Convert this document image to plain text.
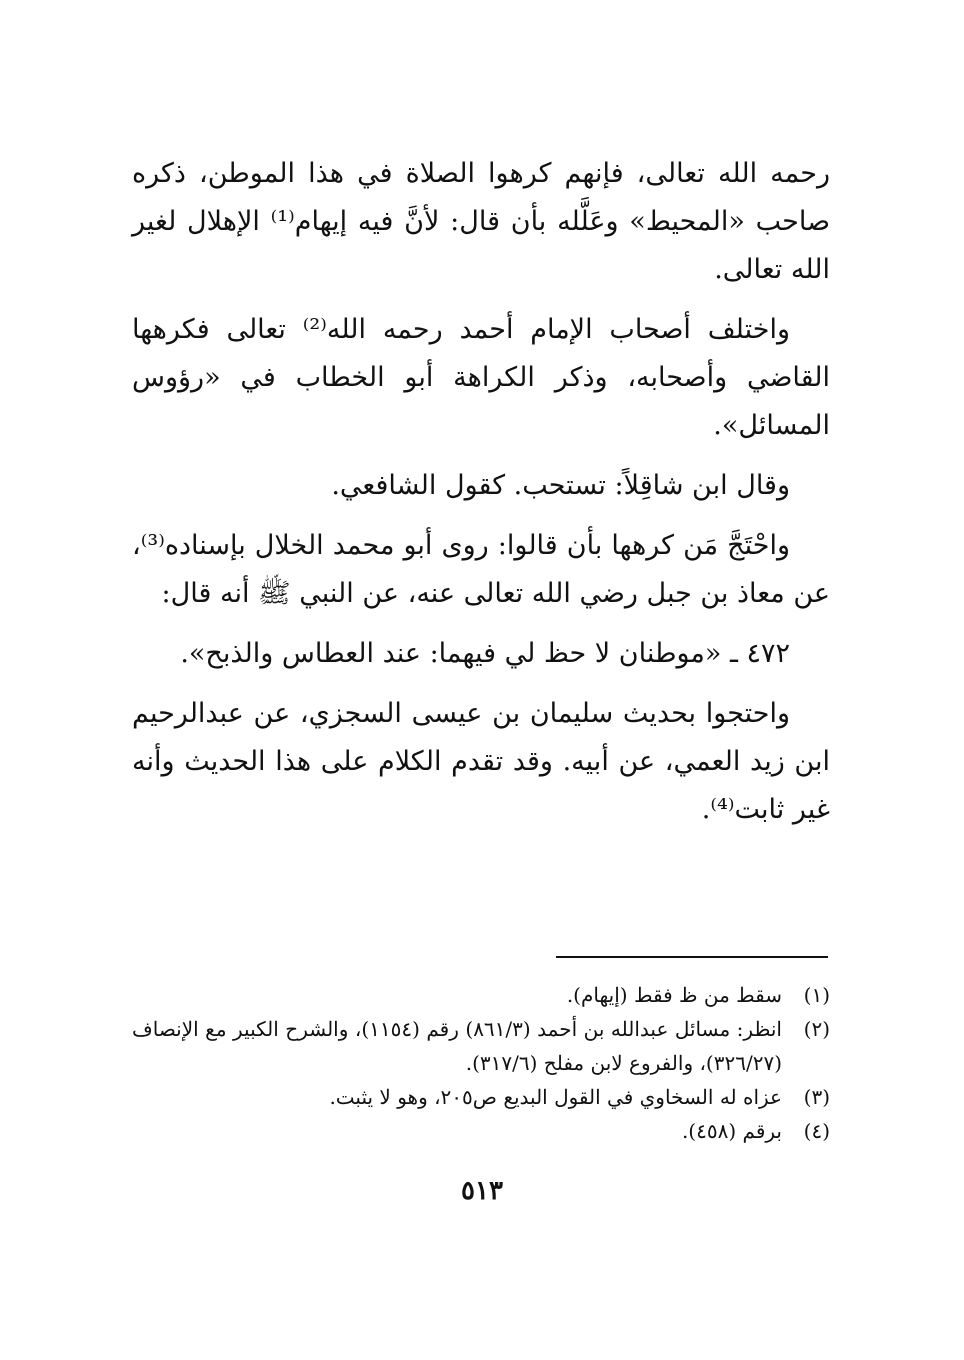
رحمه الله تعالى، فإنهم كرهوا الصلاة في هذا الموطن، ذكره صاحب «المحيط» وعَلَّله بأن قال: لأنَّ فيه إيهام⁽¹⁾ الإهلال لغير الله تعالى.

واختلف أصحاب الإمام أحمد رحمه الله⁽²⁾ تعالى فكرهها القاضي وأصحابه، وذكر الكراهة أبو الخطاب في «رؤوس المسائل».

وقال ابن شاقِلاً: تستحب. كقول الشافعي.

واحْتَجَّ مَن كرهها بأن قالوا: روى أبو محمد الخلال بإسناده⁽³⁾، عن معاذ بن جبل رضي الله تعالى عنه، عن النبي ﷺ أنه قال:

٤٧٢ ـ «موطنان لا حظ لي فيهما: عند العطاس والذبح».

واحتجوا بحديث سليمان بن عيسى السجزي، عن عبدالرحيم ابن زيد العمي، عن أبيه. وقد تقدم الكلام على هذا الحديث وأنه غير ثابت⁽⁴⁾.

(١)
سقط من ظ فقط (إيهام).
(٢)
انظر: مسائل عبدالله بن أحمد (٨٦١/٣) رقم (١١٥٤)، والشرح الكبير مع الإنصاف (٣٢٦/٢٧)، والفروع لابن مفلح (٣١٧/٦).
(٣)
عزاه له السخاوي في القول البديع ص٢٠٥، وهو لا يثبت.
(٤)
برقم (٤٥٨).
٥١٣
